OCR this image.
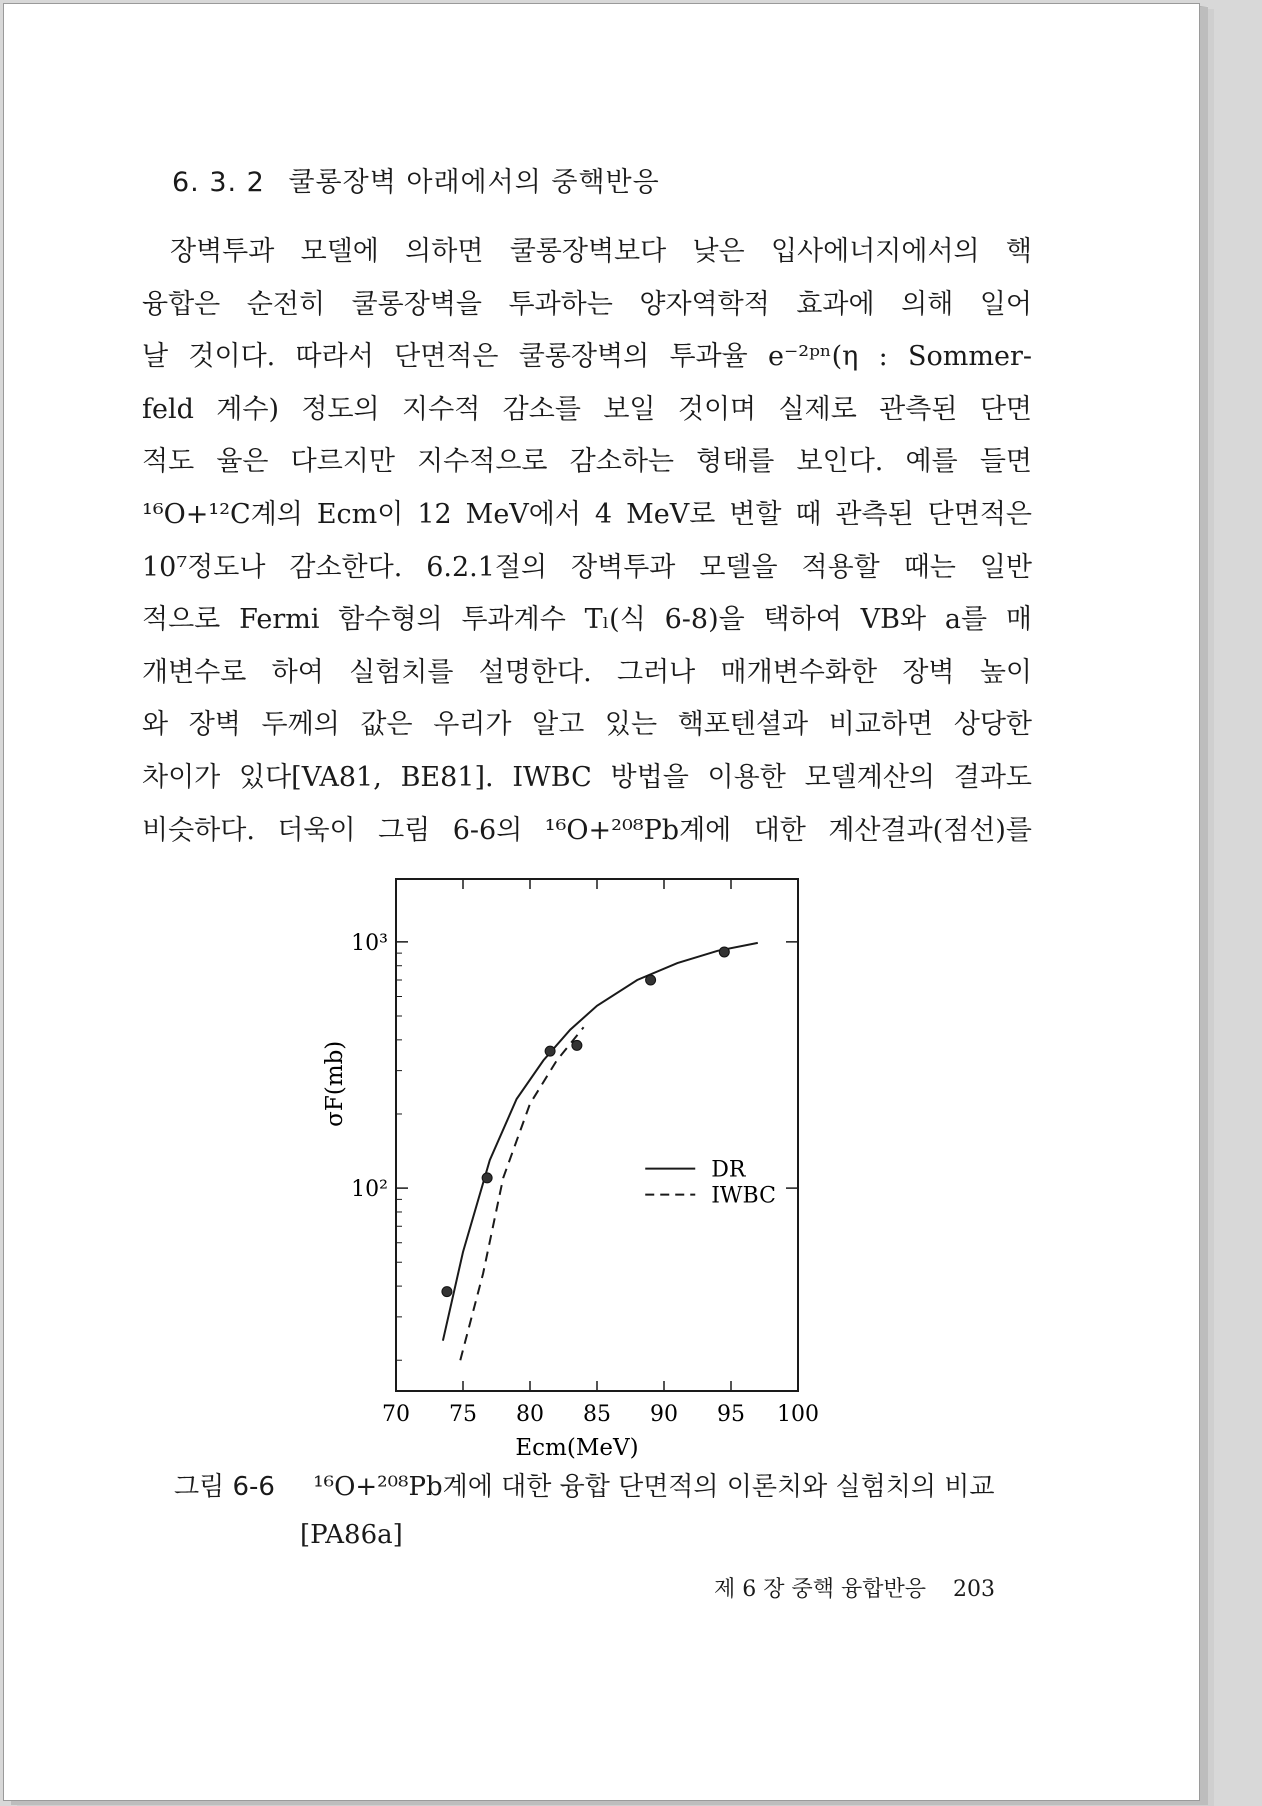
6. 3. 2 쿨롱장벽 아래에서의 중핵반응
장벽투과 모델에 의하면 쿨롱장벽보다 낮은 입사에너지에서의 핵
융합은 순전히 쿨롱장벽을 투과하는 양자역학적 효과에 의해 일어
날 것이다. 따라서 단면적은 쿨롱장벽의 투과율 e⁻²ᵖⁿ(η : Sommer-
feld 계수) 정도의 지수적 감소를 보일 것이며 실제로 관측된 단면
적도 율은 다르지만 지수적으로 감소하는 형태를 보인다. 예를 들면
¹⁶O+¹²C계의 Ecm이 12 MeV에서 4 MeV로 변할 때 관측된 단면적은
10⁷정도나 감소한다. 6.2.1절의 장벽투과 모델을 적용할 때는 일반
적으로 Fermi 함수형의 투과계수 Tₗ(식 6-8)을 택하여 VB와 a를 매
개변수로 하여 실험치를 설명한다. 그러나 매개변수화한 장벽 높이
와 장벽 두께의 값은 우리가 알고 있는 핵포텐셜과 비교하면 상당한
차이가 있다[VA81, BE81]. IWBC 방법을 이용한 모델계산의 결과도
비슷하다. 더욱이 그림 6-6의 ¹⁶O+²⁰⁸Pb계에 대한 계산결과(점선)를
70 75 80 85 90 95 100
10²
10³
DR
IWBC
Ecm(MeV)
σF(mb)
그림 6-6 ¹⁶O+²⁰⁸Pb계에 대한 융합 단면적의 이론치와 실험치의 비교
[PA86a]
제 6 장 중핵 융합반응 203
